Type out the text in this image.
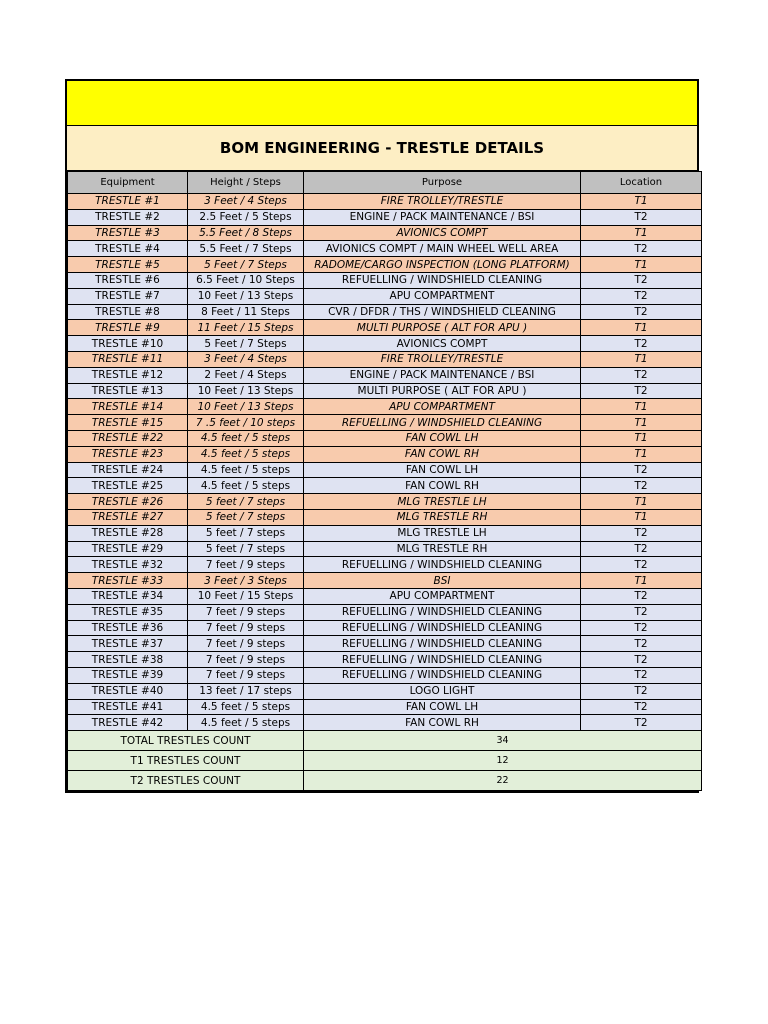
BOM ENGINEERING - TRESTLE DETAILS
Equipment	Height / Steps	Purpose	Location
TRESTLE #1	3 Feet / 4 Steps	FIRE TROLLEY/TRESTLE	T1
TRESTLE #2	2.5 Feet / 5 Steps	ENGINE / PACK MAINTENANCE / BSI	T2
TRESTLE #3	5.5 Feet / 8 Steps	AVIONICS COMPT	T1
TRESTLE #4	5.5 Feet / 7 Steps	AVIONICS COMPT / MAIN WHEEL WELL AREA	T2
TRESTLE #5	5 Feet / 7 Steps	RADOME/CARGO INSPECTION (LONG PLATFORM)	T1
TRESTLE #6	6.5 Feet / 10 Steps	REFUELLING / WINDSHIELD CLEANING	T2
TRESTLE #7	10 Feet / 13 Steps	APU COMPARTMENT	T2
TRESTLE #8	8 Feet / 11 Steps	CVR / DFDR / THS / WINDSHIELD CLEANING	T2
TRESTLE #9	11 Feet / 15 Steps	MULTI PURPOSE ( ALT FOR APU )	T1
TRESTLE #10	5 Feet / 7 Steps	AVIONICS COMPT	T2
TRESTLE #11	3 Feet / 4 Steps	FIRE TROLLEY/TRESTLE	T1
TRESTLE #12	2 Feet / 4 Steps	ENGINE / PACK MAINTENANCE / BSI	T2
TRESTLE #13	10 Feet / 13 Steps	MULTI PURPOSE ( ALT FOR APU )	T2
TRESTLE #14	10 Feet / 13 Steps	APU COMPARTMENT	T1
TRESTLE #15	7 .5 feet / 10 steps	REFUELLING / WINDSHIELD CLEANING	T1
TRESTLE #22	4.5 feet / 5 steps	FAN COWL LH	T1
TRESTLE #23	4.5 feet / 5 steps	FAN COWL RH	T1
TRESTLE #24	4.5 feet / 5 steps	FAN COWL LH	T2
TRESTLE #25	4.5 feet / 5 steps	FAN COWL RH	T2
TRESTLE #26	5 feet / 7 steps	MLG TRESTLE LH	T1
TRESTLE #27	5 feet / 7 steps	MLG TRESTLE RH	T1
TRESTLE #28	5 feet / 7 steps	MLG TRESTLE LH	T2
TRESTLE #29	5 feet / 7 steps	MLG TRESTLE RH	T2
TRESTLE #32	7 feet / 9 steps	REFUELLING / WINDSHIELD CLEANING	T2
TRESTLE #33	3 Feet / 3 Steps	BSI	T1
TRESTLE #34	10 Feet / 15 Steps	APU COMPARTMENT	T2
TRESTLE #35	7 feet / 9 steps	REFUELLING / WINDSHIELD CLEANING	T2
TRESTLE #36	7 feet / 9 steps	REFUELLING / WINDSHIELD CLEANING	T2
TRESTLE #37	7 feet / 9 steps	REFUELLING / WINDSHIELD CLEANING	T2
TRESTLE #38	7 feet / 9 steps	REFUELLING / WINDSHIELD CLEANING	T2
TRESTLE #39	7 feet / 9 steps	REFUELLING / WINDSHIELD CLEANING	T2
TRESTLE #40	13 feet / 17 steps	LOGO LIGHT	T2
TRESTLE #41	4.5 feet / 5 steps	FAN COWL LH	T2
TRESTLE #42	4.5 feet / 5 steps	FAN COWL RH	T2
TOTAL TRESTLES COUNT		34	
T1 TRESTLES COUNT		12	
T2 TRESTLES COUNT		22	
